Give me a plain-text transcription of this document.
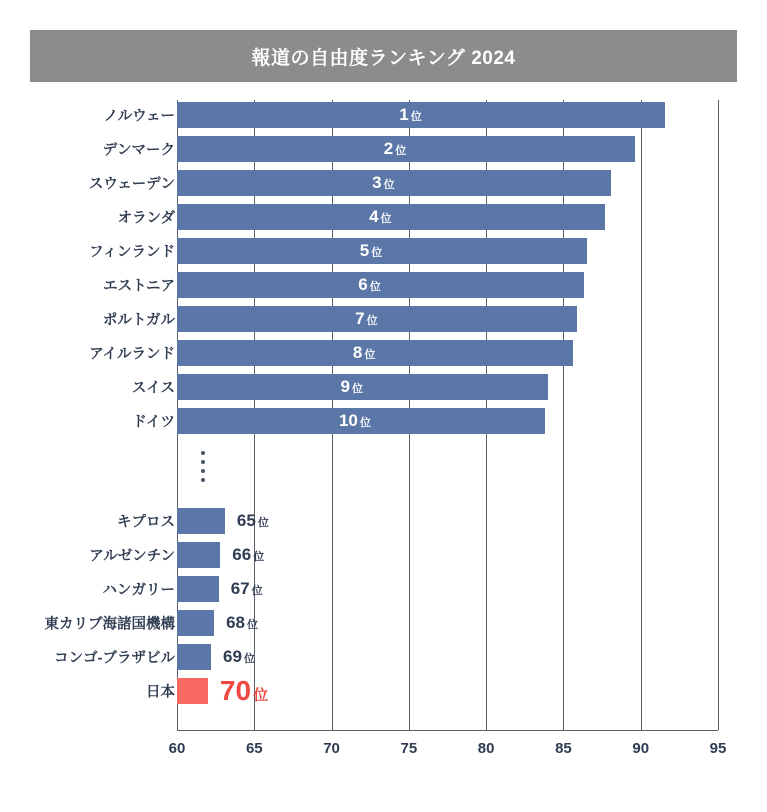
報道の自由度ランキング 2024
ノルウェー	1 位
デンマーク	2 位
スウェーデン	3 位
オランダ	4 位
フィンランド	5 位
エストニア	6 位
ポルトガル	7 位
アイルランド	8 位
スイス	9 位
ドイツ	10 位
キプロス	65 位
アルゼンチン	66 位
ハンガリー	67 位
東カリブ海諸国機構	68 位
コンゴ-ブラザビル	69 位
日本 70 位
60	65	70	75	80	85	90	95
